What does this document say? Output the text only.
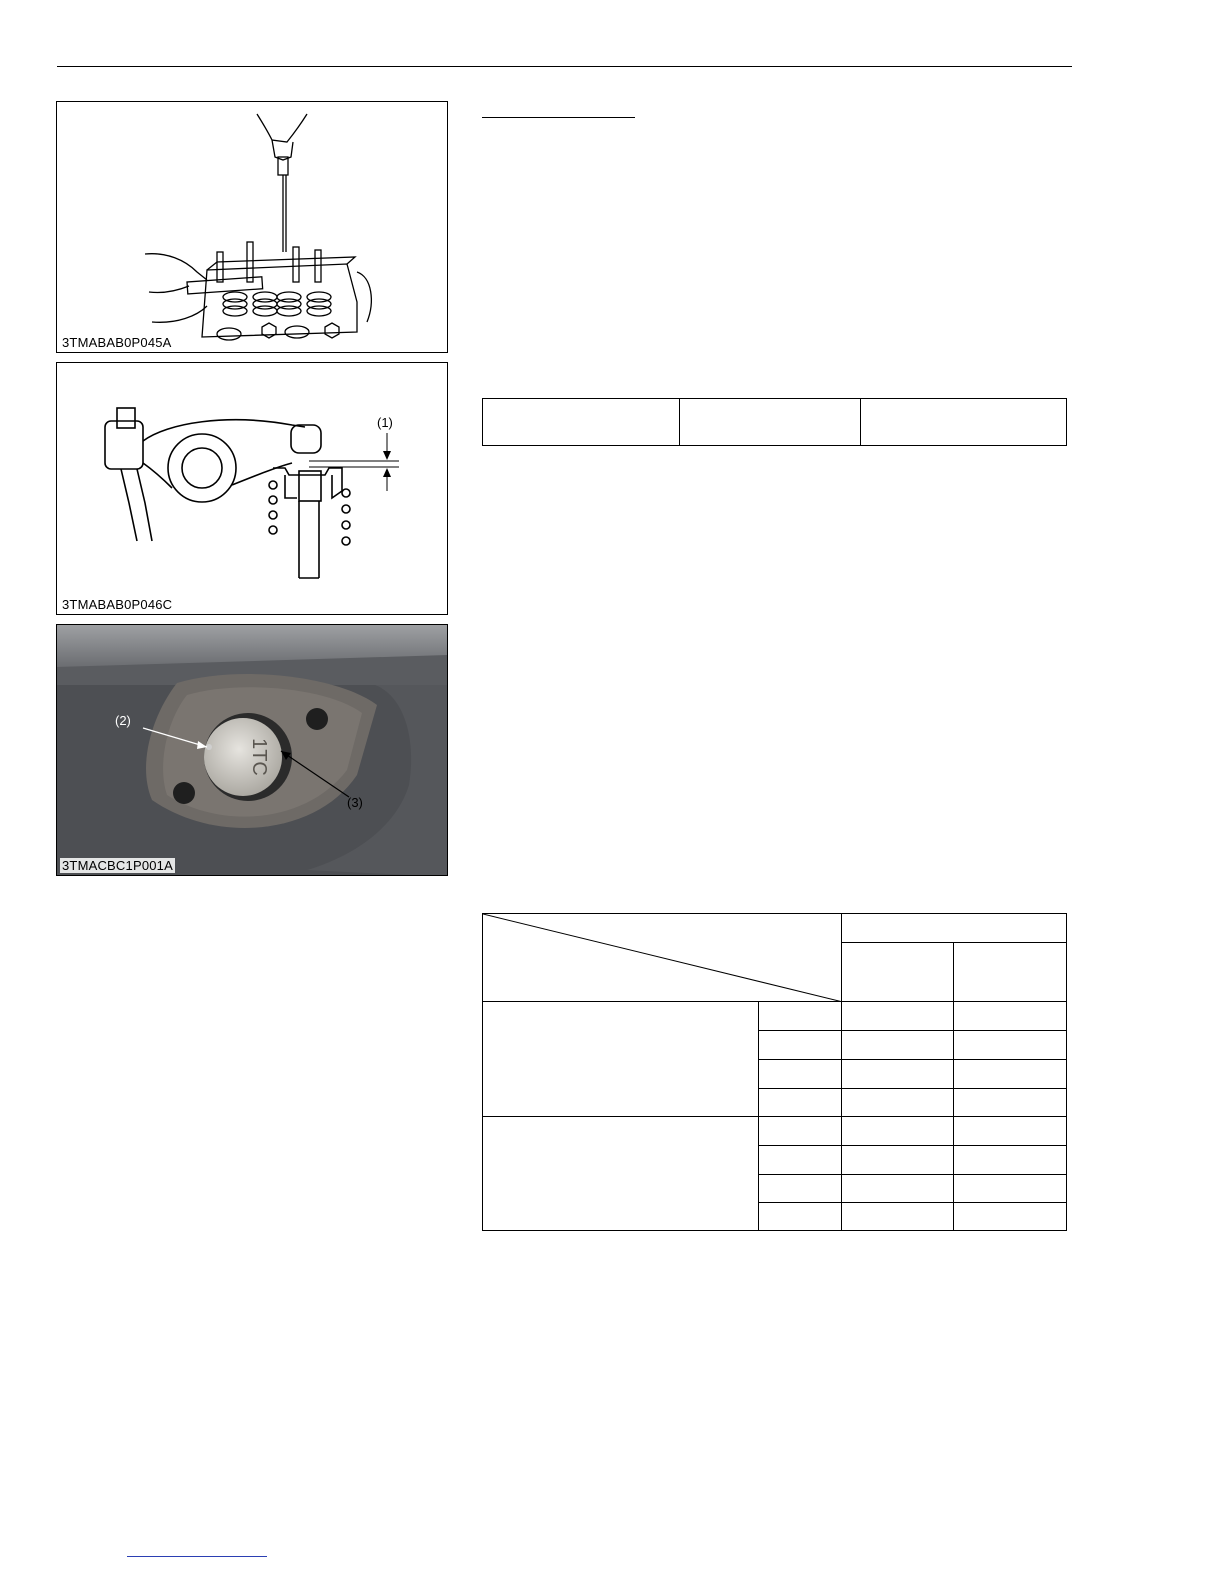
3TMABAB0P045A
(1)
3TMABAB0P046C
1TC
(2)
(3)
3TMACBC1P001A
